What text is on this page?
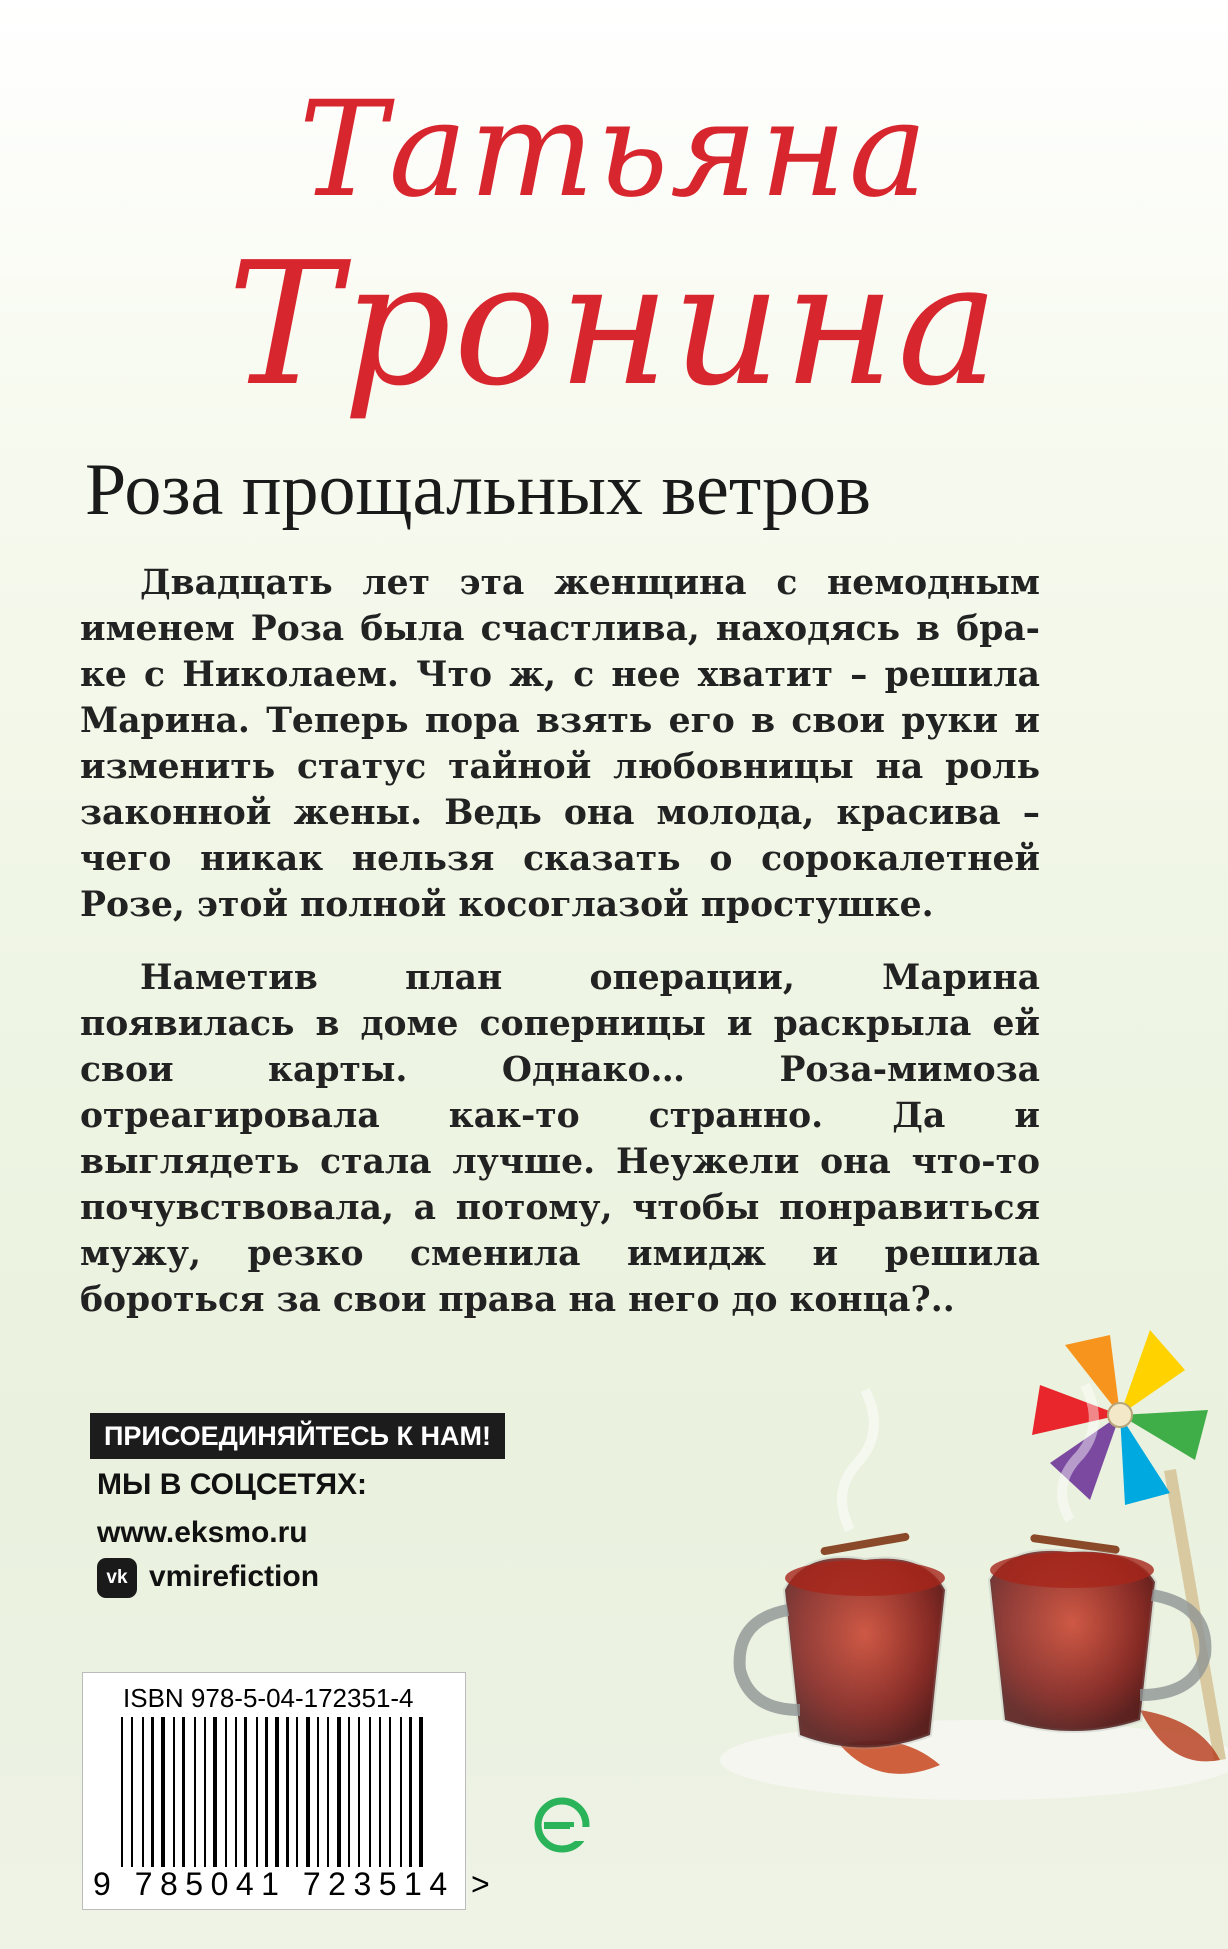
Татьяна
Тронина
Роза прощальных ветров

Двадцать лет эта женщина с немодным именем Роза была счастлива, находясь в браке с Николаем. Что ж, с нее хватит – решила Марина. Теперь пора взять его в свои руки и изменить статус тайной любовницы на роль законной жены. Ведь она молода, красива – чего никак нельзя сказать о сорокалетней Розе, этой полной косоглазой простушке.

Наметив план операции, Марина появилась в доме соперницы и раскрыла ей свои карты. Однако… Роза-мимоза отреагировала как-то странно. Да и выглядеть стала лучше. Неужели она что-то почувствовала, а потому, чтобы понравиться мужу, резко сменила имидж и решила бороться за свои права на него до конца?..

ПРИСОЕДИНЯЙТЕСЬ К НАМ!
МЫ В СОЦСЕТЯХ:
www.eksmo.ru
vk vmirefiction
ISBN 978-5-04-172351-4
9 785041 723514 >
